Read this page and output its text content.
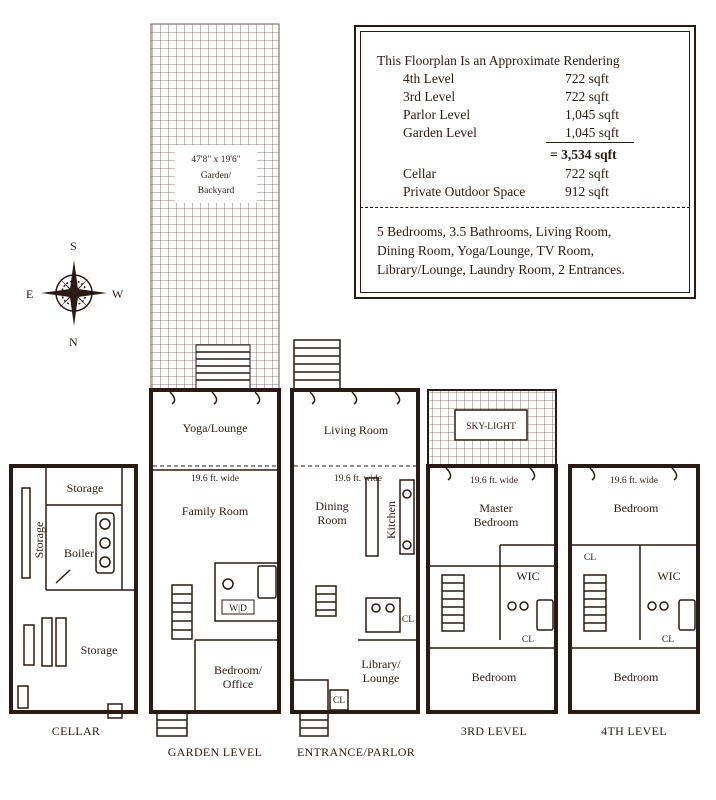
S
E	W
N
47'8" x 19'6"
Garden/
Backyard
Storage
Storage Boiler
Storage
Yoga/Lounge
19.6 ft. wide
Family Room
W|D
Bedroom/
Office
Living Room
19.6 ft. wide
Dining
Room	Kitchen
CL
Library/
Lounge
CL
SKY-LIGHT
19.6 ft. wide
Master
Bedroom
WIC
CL
Bedroom
19.6 ft. wide
Bedroom
CL
WIC
CL
Bedroom
CELLAR
GARDEN LEVEL	ENTRANCE/PARLOR
3RD LEVEL	4TH LEVEL
This Floorplan Is an Approximate Rendering
4th Level	722 sqft
3rd Level	722 sqft
Parlor Level	1,045 sqft
Garden Level	1,045 sqft
= 3,534 sqft
Cellar	722 sqft
Private Outdoor Space	912 sqft
5 Bedrooms, 3.5 Bathrooms, Living Room,
Dining Room, Yoga/Lounge, TV Room,
Library/Lounge, Laundry Room, 2 Entrances.
